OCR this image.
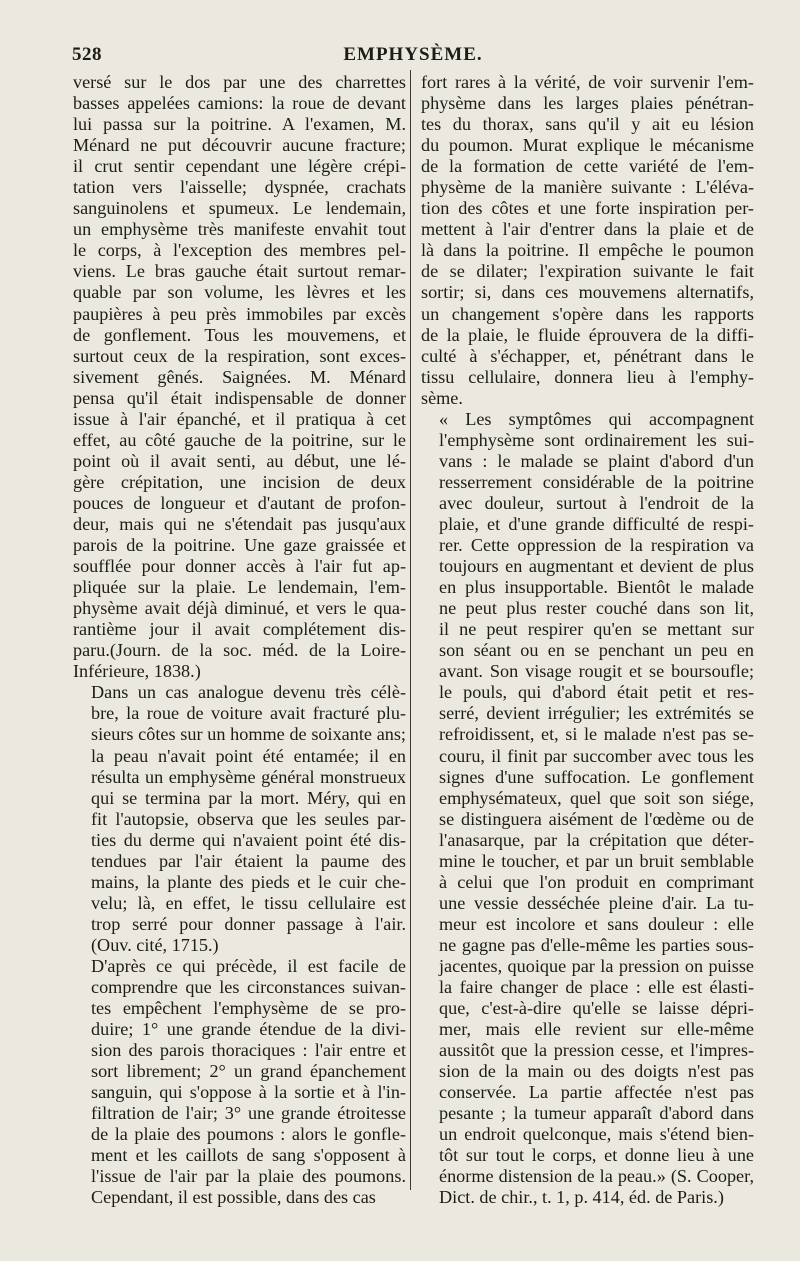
528	EMPHYSÈME.

versé sur le dos par une des charrettes
basses appelées camions: la roue de devant
lui passa sur la poitrine. A l'examen, M.
Ménard ne put découvrir aucune fracture;
il crut sentir cependant une légère crépi-
tation vers l'aisselle; dyspnée, crachats
sanguinolens et spumeux. Le lendemain,
un emphysème très manifeste envahit tout
le corps, à l'exception des membres pel-
viens. Le bras gauche était surtout remar-
quable par son volume, les lèvres et les
paupières à peu près immobiles par excès
de gonflement. Tous les mouvemens, et
surtout ceux de la respiration, sont exces-
sivement gênés. Saignées. M. Ménard
pensa qu'il était indispensable de donner
issue à l'air épanché, et il pratiqua à cet
effet, au côté gauche de la poitrine, sur le
point où il avait senti, au début, une lé-
gère crépitation, une incision de deux
pouces de longueur et d'autant de profon-
deur, mais qui ne s'étendait pas jusqu'aux
parois de la poitrine. Une gaze graissée et
soufflée pour donner accès à l'air fut ap-
pliquée sur la plaie. Le lendemain, l'em-
physème avait déjà diminué, et vers le qua-
rantième jour il avait complétement dis-
paru.(Journ. de la soc. méd. de la Loire-
Inférieure, 1838.)

Dans un cas analogue devenu très célè-
bre, la roue de voiture avait fracturé plu-
sieurs côtes sur un homme de soixante ans;
la peau n'avait point été entamée; il en
résulta un emphysème général monstrueux
qui se termina par la mort. Méry, qui en
fit l'autopsie, observa que les seules par-
ties du derme qui n'avaient point été dis-
tendues par l'air étaient la paume des
mains, la plante des pieds et le cuir che-
velu; là, en effet, le tissu cellulaire est
trop serré pour donner passage à l'air.
(Ouv. cité, 1715.)

D'après ce qui précède, il est facile de
comprendre que les circonstances suivan-
tes empêchent l'emphysème de se pro-
duire; 1° une grande étendue de la divi-
sion des parois thoraciques : l'air entre et
sort librement; 2° un grand épanchement
sanguin, qui s'oppose à la sortie et à l'in-
filtration de l'air; 3° une grande étroitesse
de la plaie des poumons : alors le gonfle-
ment et les caillots de sang s'opposent à
l'issue de l'air par la plaie des poumons.
Cependant, il est possible, dans des cas

fort rares à la vérité, de voir survenir l'em-
physème dans les larges plaies pénétran-
tes du thorax, sans qu'il y ait eu lésion
du poumon. Murat explique le mécanisme
de la formation de cette variété de l'em-
physème de la manière suivante : L'éléva-
tion des côtes et une forte inspiration per-
mettent à l'air d'entrer dans la plaie et de
là dans la poitrine. Il empêche le poumon
de se dilater; l'expiration suivante le fait
sortir; si, dans ces mouvemens alternatifs,
un changement s'opère dans les rapports
de la plaie, le fluide éprouvera de la diffi-
culté à s'échapper, et, pénétrant dans le
tissu cellulaire, donnera lieu à l'emphy-
sème.

« Les symptômes qui accompagnent
l'emphysème sont ordinairement les sui-
vans : le malade se plaint d'abord d'un
resserrement considérable de la poitrine
avec douleur, surtout à l'endroit de la
plaie, et d'une grande difficulté de respi-
rer. Cette oppression de la respiration va
toujours en augmentant et devient de plus
en plus insupportable. Bientôt le malade
ne peut plus rester couché dans son lit,
il ne peut respirer qu'en se mettant sur
son séant ou en se penchant un peu en
avant. Son visage rougit et se boursoufle;
le pouls, qui d'abord était petit et res-
serré, devient irrégulier; les extrémités se
refroidissent, et, si le malade n'est pas se-
couru, il finit par succomber avec tous les
signes d'une suffocation. Le gonflement
emphysémateux, quel que soit son siége,
se distinguera aisément de l'œdème ou de
l'anasarque, par la crépitation que déter-
mine le toucher, et par un bruit semblable
à celui que l'on produit en comprimant
une vessie desséchée pleine d'air. La tu-
meur est incolore et sans douleur : elle
ne gagne pas d'elle-même les parties sous-
jacentes, quoique par la pression on puisse
la faire changer de place : elle est élasti-
que, c'est-à-dire qu'elle se laisse dépri-
mer, mais elle revient sur elle-même
aussitôt que la pression cesse, et l'impres-
sion de la main ou des doigts n'est pas
conservée. La partie affectée n'est pas
pesante ; la tumeur apparaît d'abord dans
un endroit quelconque, mais s'étend bien-
tôt sur tout le corps, et donne lieu à une
énorme distension de la peau.» (S. Cooper,
Dict. de chir., t. 1, p. 414, éd. de Paris.)
